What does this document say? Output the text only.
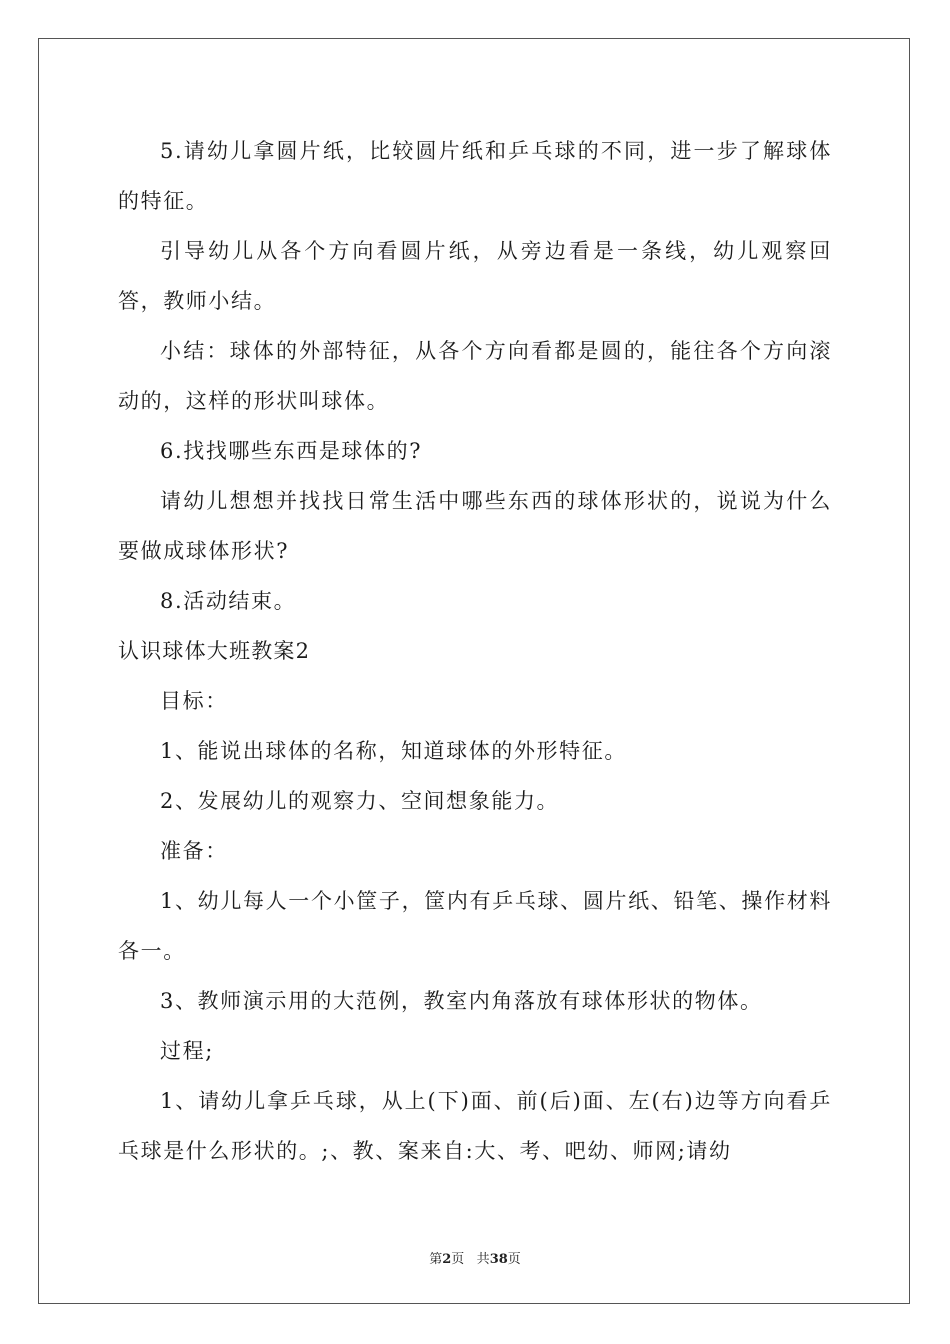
5.请幼儿拿圆片纸，比较圆片纸和乒乓球的不同，进一步了解球体的特征。

引导幼儿从各个方向看圆片纸，从旁边看是一条线，幼儿观察回答，教师小结。

小结：球体的外部特征，从各个方向看都是圆的，能往各个方向滚动的，这样的形状叫球体。

6.找找哪些东西是球体的?

请幼儿想想并找找日常生活中哪些东西的球体形状的，说说为什么要做成球体形状?

8.活动结束。

认识球体大班教案2

目标：

1、能说出球体的名称，知道球体的外形特征。

2、发展幼儿的观察力、空间想象能力。

准备：

1、幼儿每人一个小筐子，筐内有乒乓球、圆片纸、铅笔、操作材料各一。

3、教师演示用的大范例，教室内角落放有球体形状的物体。

过程;

1、请幼儿拿乒乓球，从上(下)面、前(后)面、左(右)边等方向看乒乓球是什么形状的。;、教、案来自:大、考、吧幼、师网;请幼

第2页 共38页
